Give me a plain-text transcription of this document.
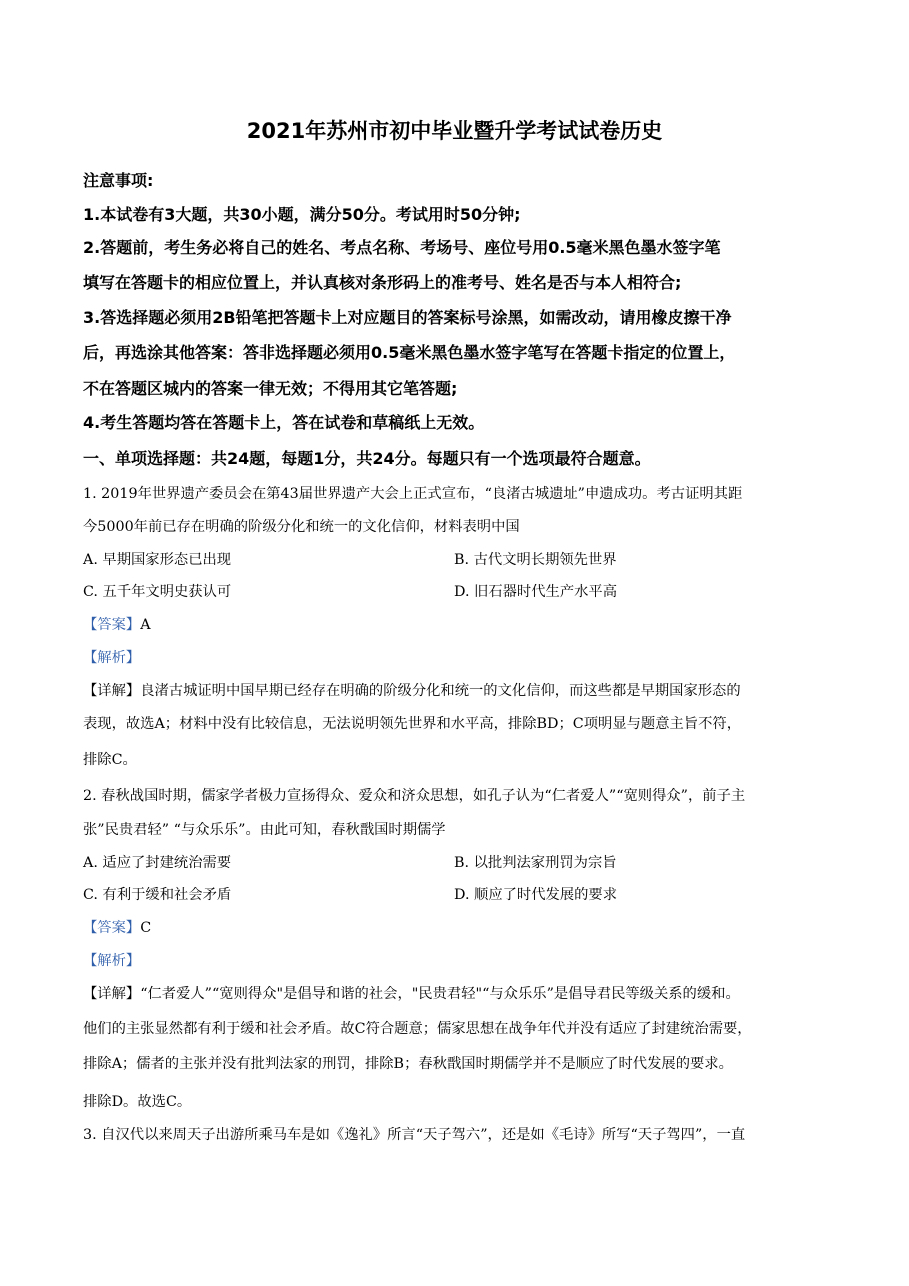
2021年苏州市初中毕业暨升学考试试卷历史
注意事项:
1.本试卷有3大题，共30小题，满分50分。考试用时50分钟;
2.答题前，考生务必将自己的姓名、考点名称、考场号、座位号用0.5毫米黑色墨水签字笔
填写在答题卡的相应位置上，并认真核对条形码上的准考号、姓名是否与本人相符合;
3.答选择题必须用2B铅笔把答题卡上对应题目的答案标号涂黑，如需改动，请用橡皮擦干净
后，再选涂其他答案：答非选择题必须用0.5毫米黑色墨水签字笔写在答题卡指定的位置上，
不在答题区城内的答案一律无效；不得用其它笔答题;
4.考生答题均答在答题卡上，答在试卷和草稿纸上无效。
一、单项选择题：共24题，每题1分，共24分。每题只有一个选项最符合题意。
1. 2019年世界遗产委员会在第43届世界遗产大会上正式宣布，“良渚古城遗址”申遗成功。考古证明其距
今5000年前已存在明确的阶级分化和统一的文化信仰，材料表明中国
A. 早期国家形态已出现	B. 古代文明长期领先世界
C. 五千年文明史获认可	D. 旧石器时代生产水平高
【答案】A
【解析】
【详解】良渚古城证明中国早期已经存在明确的阶级分化和统一的文化信仰，而这些都是早期国家形态的
表现，故选A；材料中没有比较信息，无法说明领先世界和水平高，排除BD；C项明显与题意主旨不符，
排除C。
2. 春秋战国时期，儒家学者极力宣扬得众、爱众和济众思想，如孔子认为“仁者爱人”“宽则得众”，前子主
张”民贵君轻” “与众乐乐”。由此可知，春秋戬国时期儒学
A. 适应了封建统治需要	B. 以批判法家刑罚为宗旨
C. 有利于缓和社会矛盾	D. 顺应了时代发展的要求
【答案】C
【解析】
【详解】“仁者爱人”“宽则得众"是倡导和谐的社会，"民贵君轻"“与众乐乐”是倡导君民等级关系的缓和。
他们的主张显然都有利于缓和社会矛盾。故C符合题意；儒家思想在战争年代并没有适应了封建统治需要，
排除A；儒者的主张并没有批判法家的刑罚，排除B；春秋戬国时期儒学并不是顺应了时代发展的要求。
排除D。故选C。
3. 自汉代以来周天子出游所乘马车是如《逸礼》所言“天子驾六”，还是如《毛诗》所写“天子驾四”，一直
